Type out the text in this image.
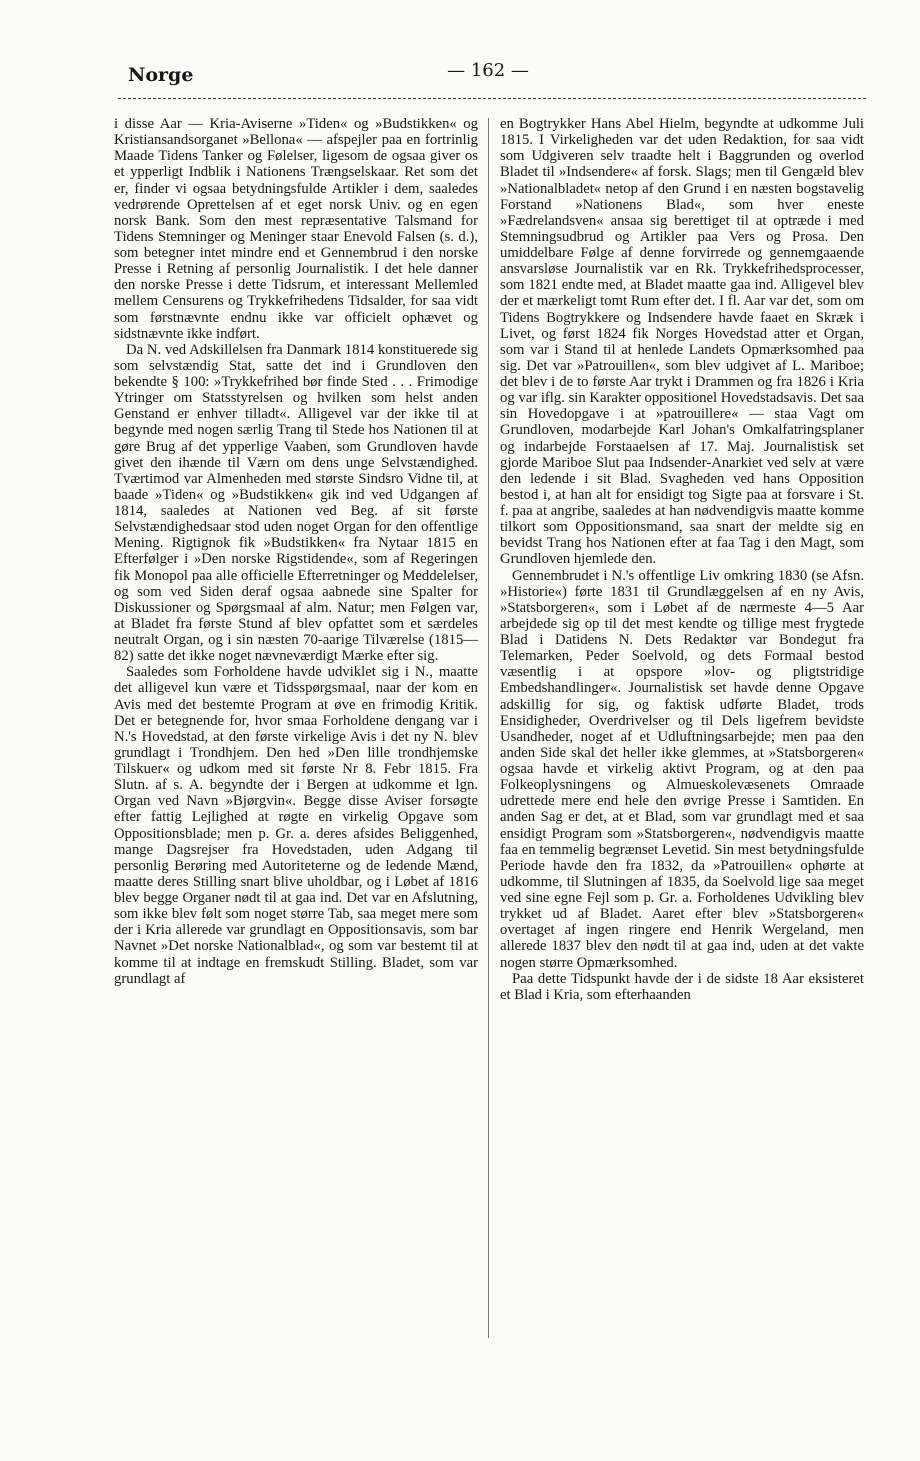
Norge	— 162 —

i disse Aar — Kria-Aviserne »Tiden« og »Budstikken« og Kristiansandsorganet »Bellona« — afspejler paa en fortrinlig Maade Tidens Tanker og Følelser, ligesom de ogsaa giver os et ypperligt Indblik i Nationens Trængselskaar. Ret som det er, finder vi ogsaa betydningsfulde Artikler i dem, saaledes vedrørende Oprettelsen af et eget norsk Univ. og en egen norsk Bank. Som den mest repræsentative Talsmand for Tidens Stemninger og Meninger staar Enevold Falsen (s. d.), som betegner intet mindre end et Gennembrud i den norske Presse i Retning af personlig Journalistik. I det hele danner den norske Presse i dette Tidsrum, et interessant Mellemled mellem Censurens og Trykkefrihedens Tidsalder, for saa vidt som førstnævnte endnu ikke var officielt ophævet og sidstnævnte ikke indført.

Da N. ved Adskillelsen fra Danmark 1814 konstituerede sig som selvstændig Stat, satte det ind i Grundloven den bekendte § 100: »Trykkefrihed bør finde Sted . . . Frimodige Ytringer om Statsstyrelsen og hvilken som helst anden Genstand er enhver tilladt«. Alligevel var der ikke til at begynde med nogen særlig Trang til Stede hos Nationen til at gøre Brug af det ypperlige Vaaben, som Grundloven havde givet den ihænde til Værn om dens unge Selvstændighed. Tværtimod var Almenheden med største Sindsro Vidne til, at baade »Tiden« og »Budstikken« gik ind ved Udgangen af 1814, saaledes at Nationen ved Beg. af sit første Selvstændighedsaar stod uden noget Organ for den offentlige Mening. Rigtignok fik »Budstikken« fra Nytaar 1815 en Efterfølger i »Den norske Rigstidende«, som af Regeringen fik Monopol paa alle officielle Efterretninger og Meddelelser, og som ved Siden deraf ogsaa aabnede sine Spalter for Diskussioner og Spørgsmaal af alm. Natur; men Følgen var, at Bladet fra første Stund af blev opfattet som et særdeles neutralt Organ, og i sin næsten 70-aarige Tilværelse (1815—82) satte det ikke noget nævneværdigt Mærke efter sig.

Saaledes som Forholdene havde udviklet sig i N., maatte det alligevel kun være et Tidsspørgsmaal, naar der kom en Avis med det bestemte Program at øve en frimodig Kritik. Det er betegnende for, hvor smaa Forholdene dengang var i N.'s Hovedstad, at den første virkelige Avis i det ny N. blev grundlagt i Trondhjem. Den hed »Den lille trondhjemske Tilskuer« og udkom med sit første Nr 8. Febr 1815. Fra Slutn. af s. A. begyndte der i Bergen at udkomme et lgn. Organ ved Navn »Bjørgvin«. Begge disse Aviser forsøgte efter fattig Lejlighed at røgte en virkelig Opgave som Oppositionsblade; men p. Gr. a. deres afsides Beliggenhed, mange Dagsrejser fra Hovedstaden, uden Adgang til personlig Berøring med Autoriteterne og de ledende Mænd, maatte deres Stilling snart blive uholdbar, og i Løbet af 1816 blev begge Organer nødt til at gaa ind. Det var en Afslutning, som ikke blev følt som noget større Tab, saa meget mere som der i Kria allerede var grundlagt en Oppositionsavis, som bar Navnet »Det norske Nationalblad«, og som var bestemt til at komme til at indtage en fremskudt Stilling. Bladet, som var grundlagt af

en Bogtrykker Hans Abel Hielm, begyndte at udkomme Juli 1815. I Virkeligheden var det uden Redaktion, for saa vidt som Udgiveren selv traadte helt i Baggrunden og overlod Bladet til »Indsendere« af forsk. Slags; men til Gengæld blev »Nationalbladet« netop af den Grund i en næsten bogstavelig Forstand »Nationens Blad«, som hver eneste »Fædrelandsven« ansaa sig berettiget til at optræde i med Stemningsudbrud og Artikler paa Vers og Prosa. Den umiddelbare Følge af denne forvirrede og gennemgaaende ansvarsløse Journalistik var en Rk. Trykkefrihedsprocesser, som 1821 endte med, at Bladet maatte gaa ind. Alligevel blev der et mærkeligt tomt Rum efter det. I fl. Aar var det, som om Tidens Bogtrykkere og Indsendere havde faaet en Skræk i Livet, og først 1824 fik Norges Hovedstad atter et Organ, som var i Stand til at henlede Landets Opmærksomhed paa sig. Det var »Patrouillen«, som blev udgivet af L. Mariboe; det blev i de to første Aar trykt i Drammen og fra 1826 i Kria og var iflg. sin Karakter oppositionel Hovedstadsavis. Det saa sin Hovedopgave i at »patrouillere« — staa Vagt om Grundloven, modarbejde Karl Johan's Omkalfatringsplaner og indarbejde Forstaaelsen af 17. Maj. Journalistisk set gjorde Mariboe Slut paa Indsender-Anarkiet ved selv at være den ledende i sit Blad. Svagheden ved hans Opposition bestod i, at han alt for ensidigt tog Sigte paa at forsvare i St. f. paa at angribe, saaledes at han nødvendigvis maatte komme tilkort som Oppositionsmand, saa snart der meldte sig en bevidst Trang hos Nationen efter at faa Tag i den Magt, som Grundloven hjemlede den.

Gennembrudet i N.'s offentlige Liv omkring 1830 (se Afsn. »Historie«) førte 1831 til Grundlæggelsen af en ny Avis, »Statsborgeren«, som i Løbet af de nærmeste 4—5 Aar arbejdede sig op til det mest kendte og tillige mest frygtede Blad i Datidens N. Dets Redaktør var Bondegut fra Telemarken, Peder Soelvold, og dets Formaal bestod væsentlig i at opspore »lov- og pligtstridige Embedshandlinger«. Journalistisk set havde denne Opgave adskillig for sig, og faktisk udførte Bladet, trods Ensidigheder, Overdrivelser og til Dels ligefrem bevidste Usandheder, noget af et Udluftningsarbejde; men paa den anden Side skal det heller ikke glemmes, at »Statsborgeren« ogsaa havde et virkelig aktivt Program, og at den paa Folkeoplysningens og Almueskolevæsenets Omraade udrettede mere end hele den øvrige Presse i Samtiden. En anden Sag er det, at et Blad, som var grundlagt med et saa ensidigt Program som »Statsborgeren«, nødvendigvis maatte faa en temmelig begrænset Levetid. Sin mest betydningsfulde Periode havde den fra 1832, da »Patrouillen« ophørte at udkomme, til Slutningen af 1835, da Soelvold lige saa meget ved sine egne Fejl som p. Gr. a. Forholdenes Udvikling blev trykket ud af Bladet. Aaret efter blev »Statsborgeren« overtaget af ingen ringere end Henrik Wergeland, men allerede 1837 blev den nødt til at gaa ind, uden at det vakte nogen større Opmærksomhed.

Paa dette Tidspunkt havde der i de sidste 18 Aar eksisteret et Blad i Kria, som efterhaanden
